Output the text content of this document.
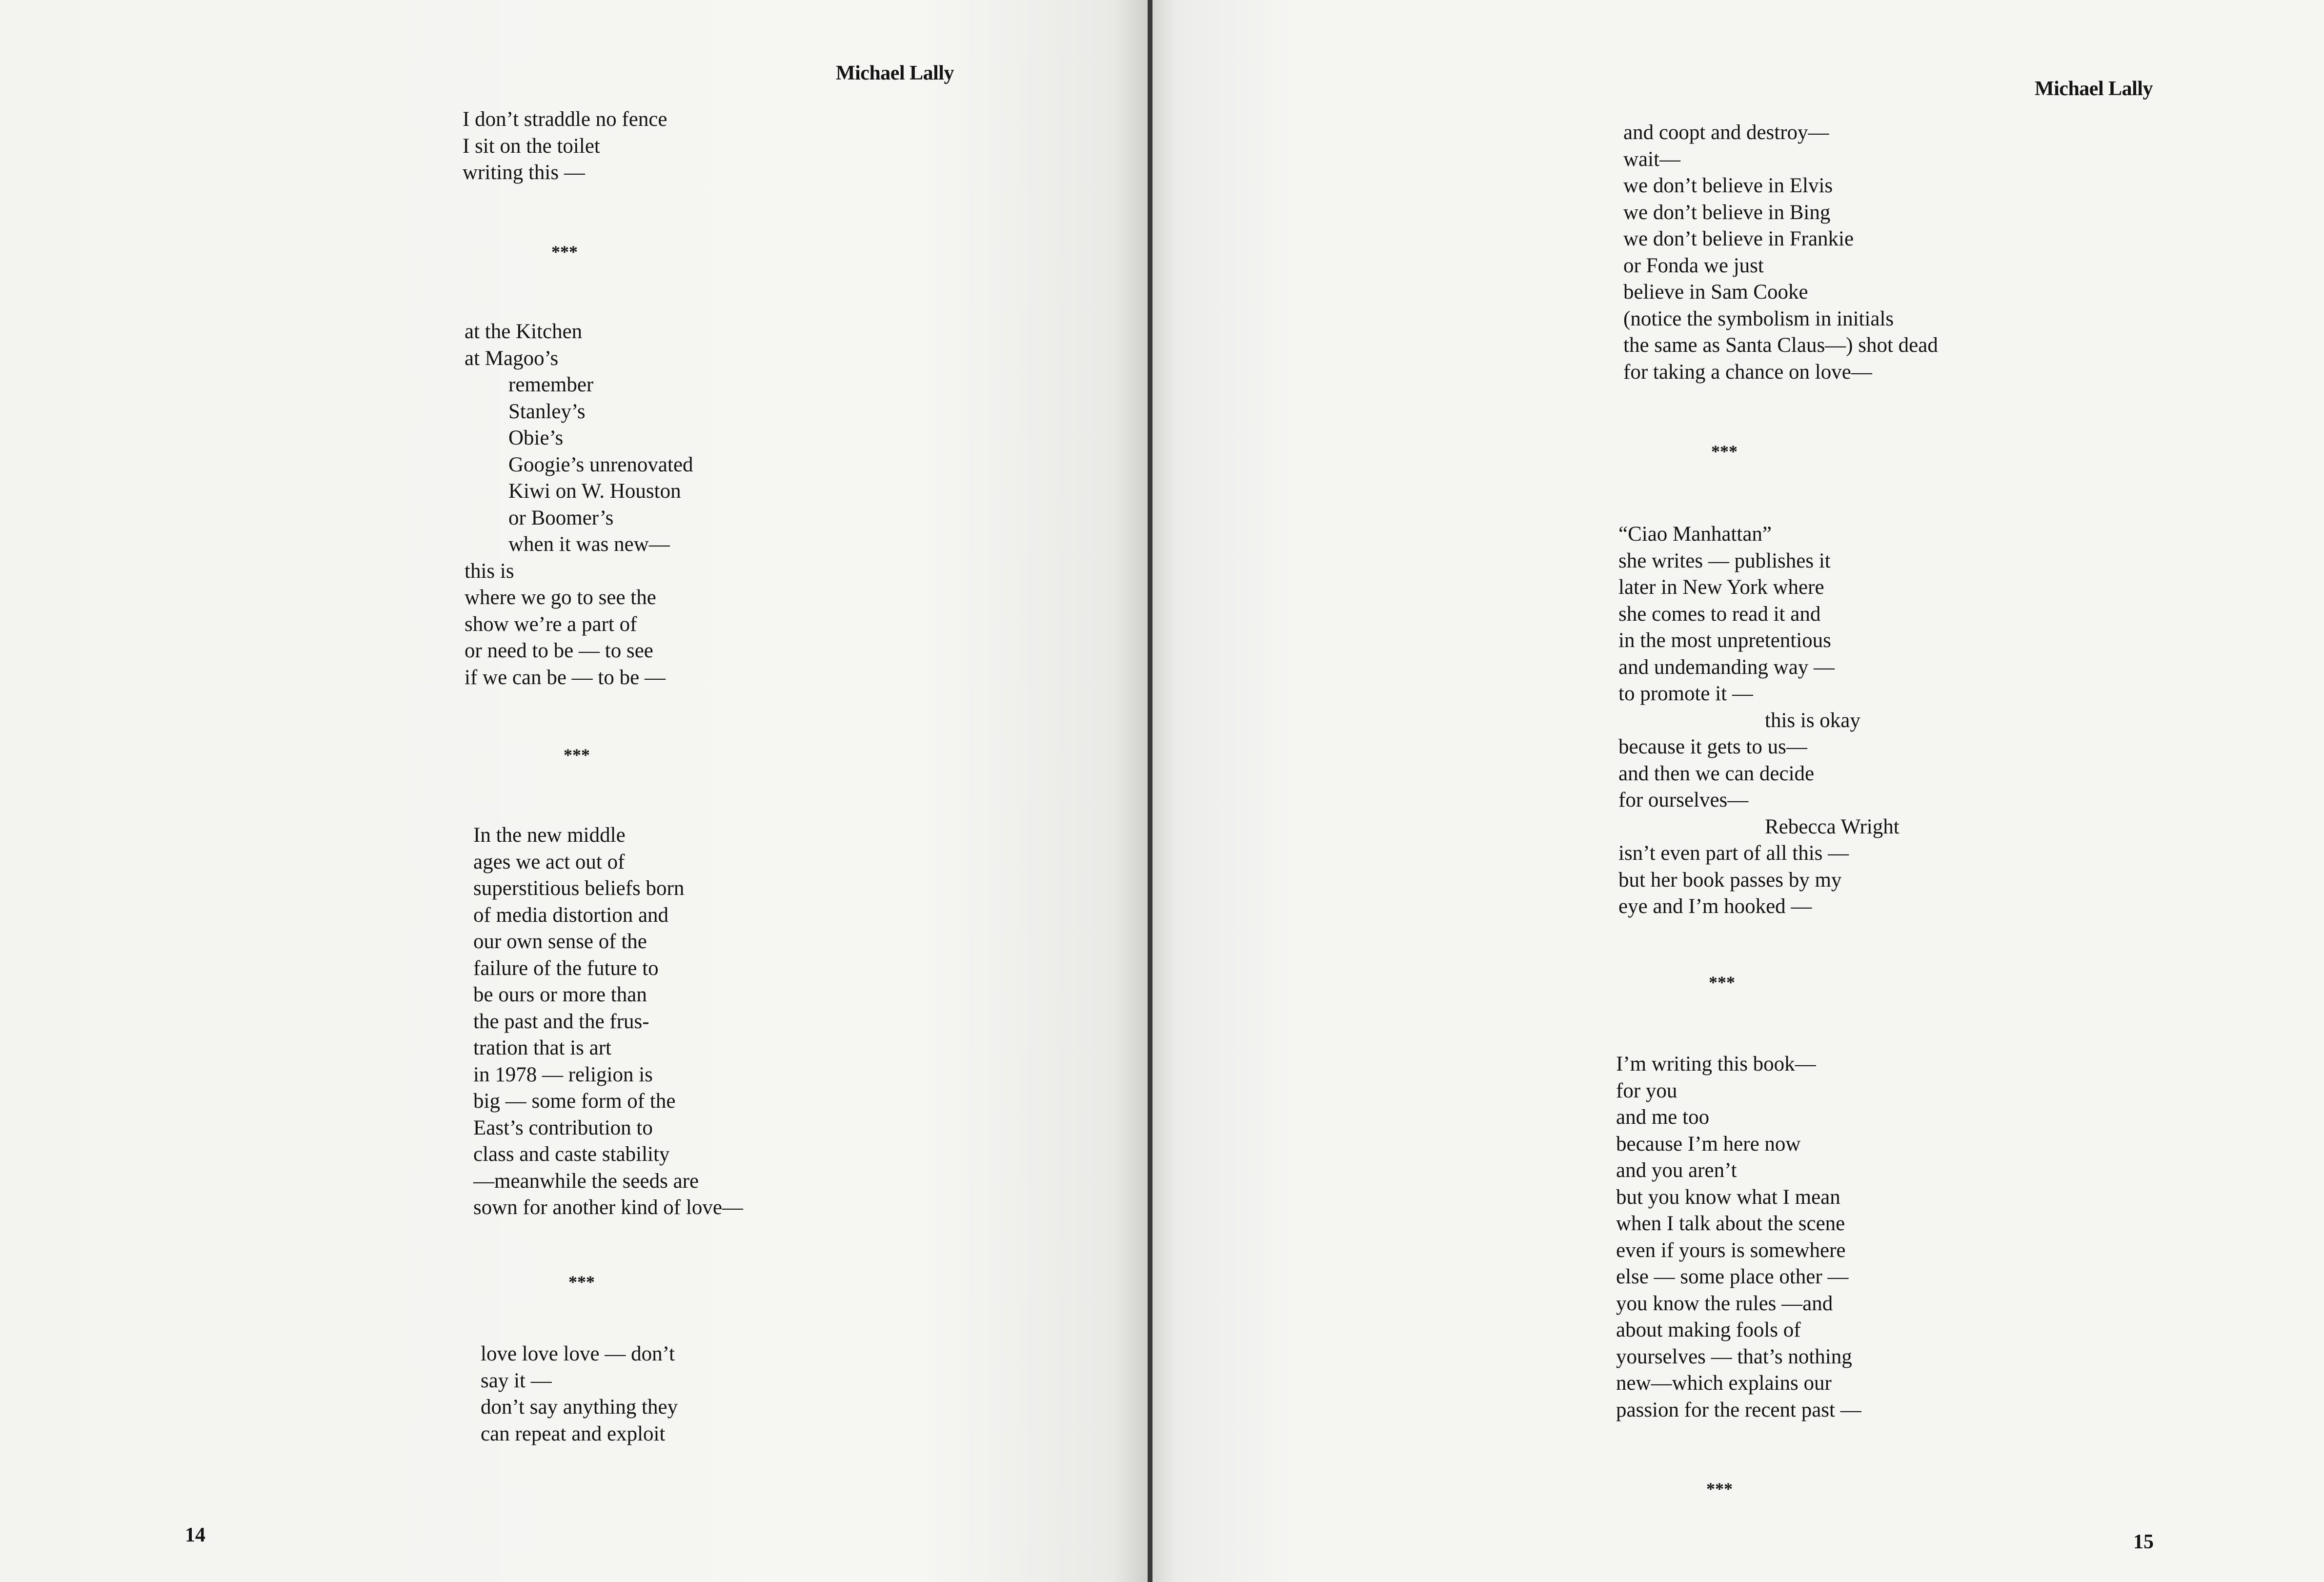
Michael Lally
I don’t straddle no fence
I sit on the toilet
writing this —
***
at the Kitchen
at Magoo’s
remember
Stanley’s
Obie’s
Googie’s unrenovated
Kiwi on W. Houston
or Boomer’s
when it was new—
this is
where we go to see the
show we’re a part of
or need to be — to see
if we can be — to be —
***
In the new middle
ages we act out of
superstitious beliefs born
of media distortion and
our own sense of the
failure of the future to
be ours or more than
the past and the frus-
tration that is art
in 1978 — religion is
big — some form of the
East’s contribution to
class and caste stability
—meanwhile the seeds are
sown for another kind of love—
***
love love love — don’t
say it —
don’t say anything they
can repeat and exploit
14
Michael Lally
and coopt and destroy—
wait—
we don’t believe in Elvis
we don’t believe in Bing
we don’t believe in Frankie
or Fonda we just
believe in Sam Cooke
(notice the symbolism in initials
the same as Santa Claus—) shot dead
for taking a chance on love—
***
“Ciao Manhattan”
she writes — publishes it
later in New York where
she comes to read it and
in the most unpretentious
and undemanding way —
to promote it —
this is okay
because it gets to us—
and then we can decide
for ourselves—
Rebecca Wright
isn’t even part of all this —
but her book passes by my
eye and I’m hooked —
***
I’m writing this book—
for you
and me too
because I’m here now
and you aren’t
but you know what I mean
when I talk about the scene
even if yours is somewhere
else — some place other —
you know the rules —and
about making fools of
yourselves — that’s nothing
new—which explains our
passion for the recent past —
***
15
